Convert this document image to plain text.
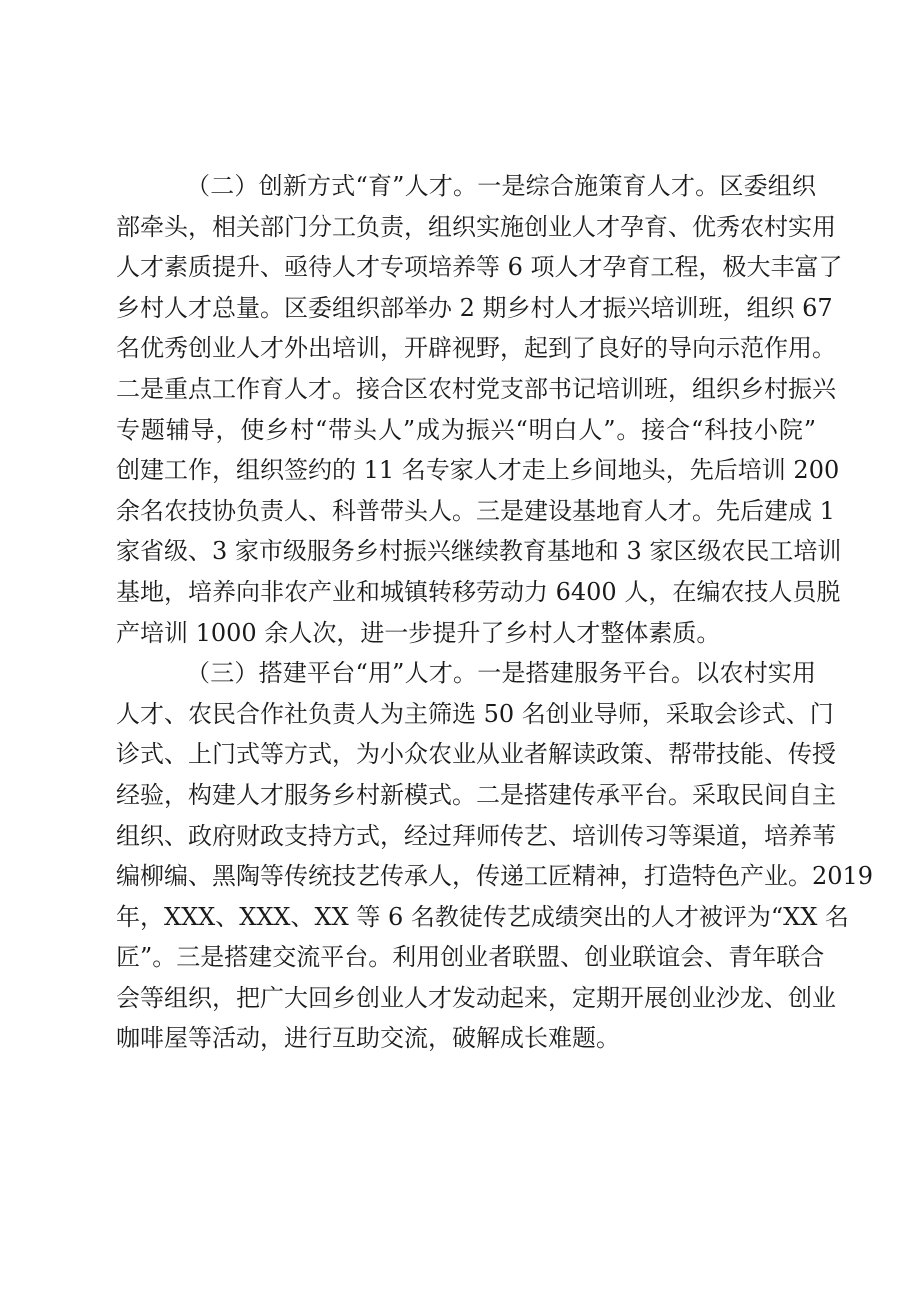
（二）创新方式“育”人才。一是综合施策育人才。区委组织
部牵头，相关部门分工负责，组织实施创业人才孕育、优秀农村实用
人才素质提升、亟待人才专项培养等 6 项人才孕育工程，极大丰富了
乡村人才总量。区委组织部举办 2 期乡村人才振兴培训班，组织 67
名优秀创业人才外出培训，开辟视野，起到了良好的导向示范作用。
二是重点工作育人才。接合区农村党支部书记培训班，组织乡村振兴
专题辅导，使乡村“带头人”成为振兴“明白人”。接合“科技小院”
创建工作，组织签约的 11 名专家人才走上乡间地头，先后培训 200
余名农技协负责人、科普带头人。三是建设基地育人才。先后建成 1
家省级、3 家市级服务乡村振兴继续教育基地和 3 家区级农民工培训
基地，培养向非农产业和城镇转移劳动力 6400 人，在编农技人员脱
产培训 1000 余人次，进一步提升了乡村人才整体素质。
（三）搭建平台“用”人才。一是搭建服务平台。以农村实用
人才、农民合作社负责人为主筛选 50 名创业导师，采取会诊式、门
诊式、上门式等方式，为小众农业从业者解读政策、帮带技能、传授
经验，构建人才服务乡村新模式。二是搭建传承平台。采取民间自主
组织、政府财政支持方式，经过拜师传艺、培训传习等渠道，培养苇
编柳编、黑陶等传统技艺传承人，传递工匠精神，打造特色产业。2019
年，XXX、XXX、XX 等 6 名教徒传艺成绩突出的人才被评为“XX 名
匠”。三是搭建交流平台。利用创业者联盟、创业联谊会、青年联合
会等组织，把广大回乡创业人才发动起来，定期开展创业沙龙、创业
咖啡屋等活动，进行互助交流，破解成长难题。
